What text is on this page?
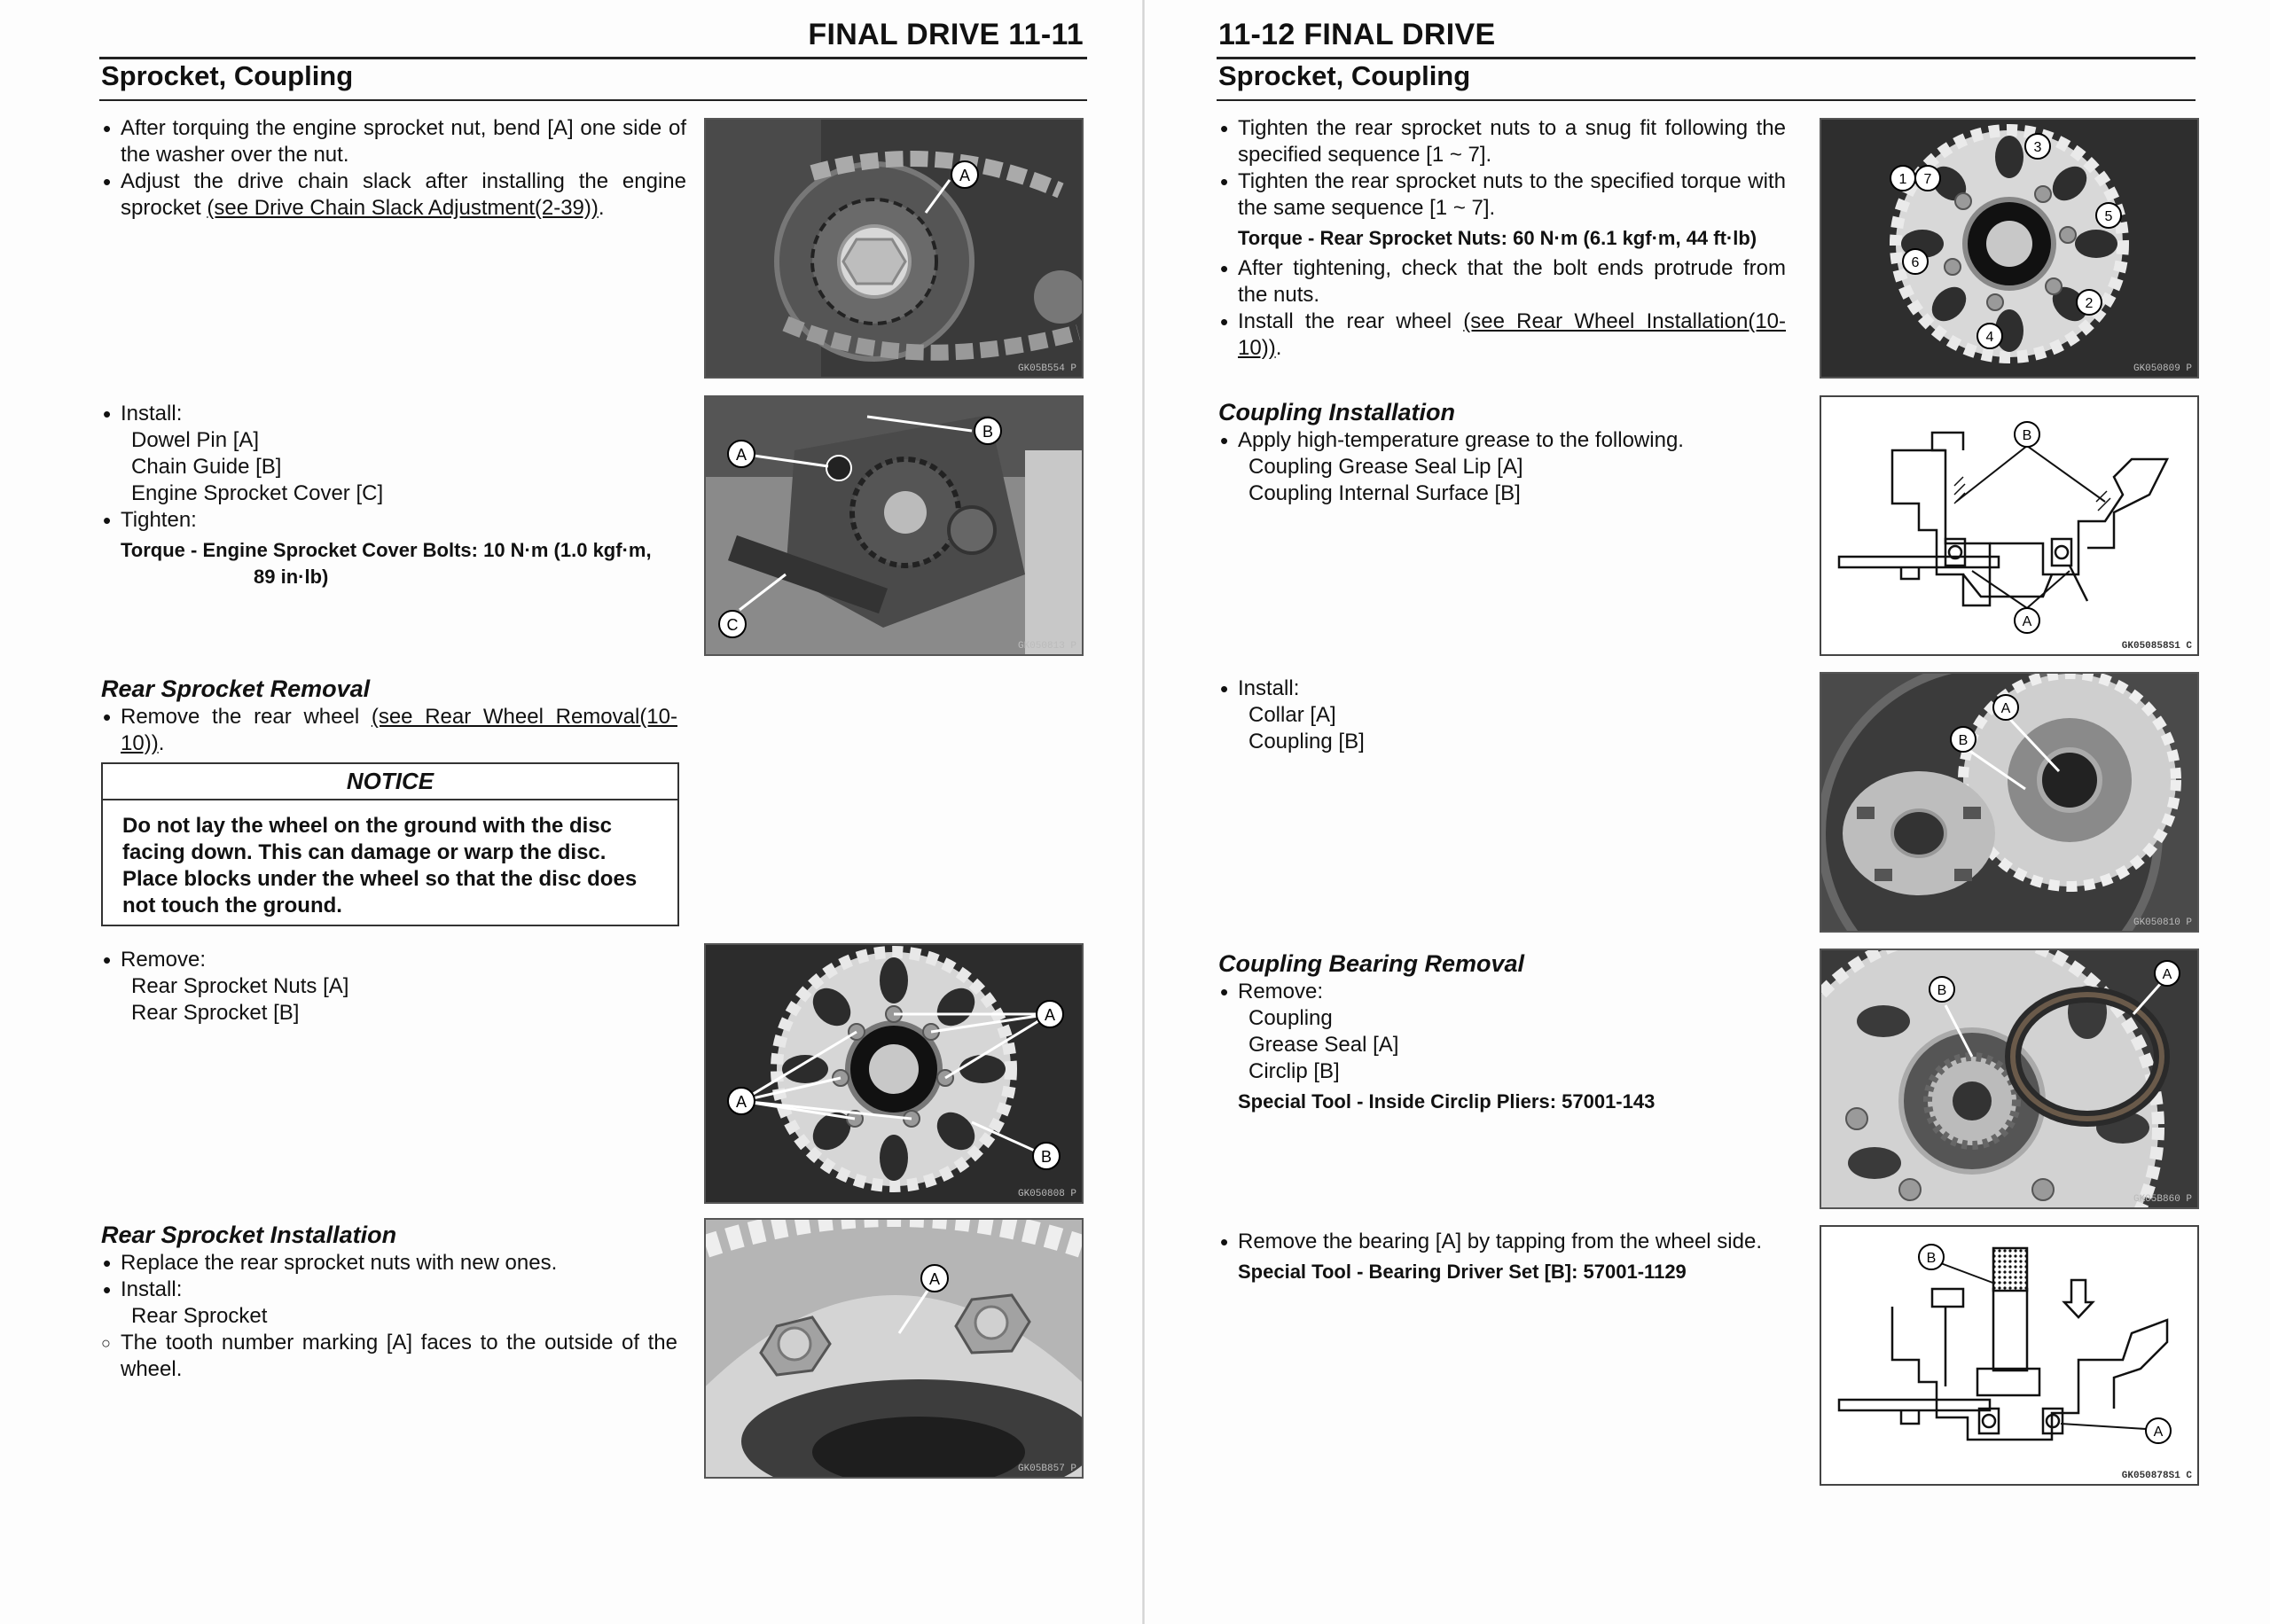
FINAL DRIVE 11-11
Sprocket, Coupling
• After torquing the engine sprocket nut, bend [A] one side of the washer over the nut.
• Adjust the drive chain slack after installing the engine sprocket (see Drive Chain Slack Adjustment(2-39)).
A
GK05B554 P
• Install:
Dowel Pin [A]
Chain Guide [B]
Engine Sprocket Cover [C]
• Tighten:
Torque - Engine Sprocket Cover Bolts: 10 N·m (1.0 kgf·m,
89 in·lb)
A
B
C
GK050813 P
Rear Sprocket Removal
• Remove the rear wheel (see Rear Wheel Removal(10-10)).
NOTICE
Do not lay the wheel on the ground with the disc facing down. This can damage or warp the disc. Place blocks under the wheel so that the disc does not touch the ground.
• Remove:
Rear Sprocket Nuts [A]
Rear Sprocket [B]	A
A
B
GK050808 P
Rear Sprocket Installation
• Replace the rear sprocket nuts with new ones.
• Install:
Rear Sprocket
○ The tooth number marking [A] faces to the outside of the wheel.
A
GK05B857 P
11-12 FINAL DRIVE
Sprocket, Coupling
• Tighten the rear sprocket nuts to a snug fit following the specified sequence [1 ~ 7].
• Tighten the rear sprocket nuts to the specified torque with the same sequence [1 ~ 7].
Torque - Rear Sprocket Nuts: 60 N·m (6.1 kgf·m, 44 ft·lb)
• After tightening, check that the bolt ends protrude from the nuts.
• Install the rear wheel (see Rear Wheel Installation(10-10)).
1 7
3
5
2
4
6
GK050809 P
Coupling Installation
• Apply high-temperature grease to the following.
Coupling Grease Seal Lip [A]
Coupling Internal Surface [B]
B
A
GK050858S1 C
• Install:
Collar [A]
Coupling [B]
A
B
GK050810 P
Coupling Bearing Removal
• Remove:
Coupling
Grease Seal [A]
Circlip [B]
Special Tool - Inside Circlip Pliers: 57001-143
B
A
GK05B860 P
• Remove the bearing [A] by tapping from the wheel side.
Special Tool - Bearing Driver Set [B]: 57001-1129
B
A
GK050878S1 C
